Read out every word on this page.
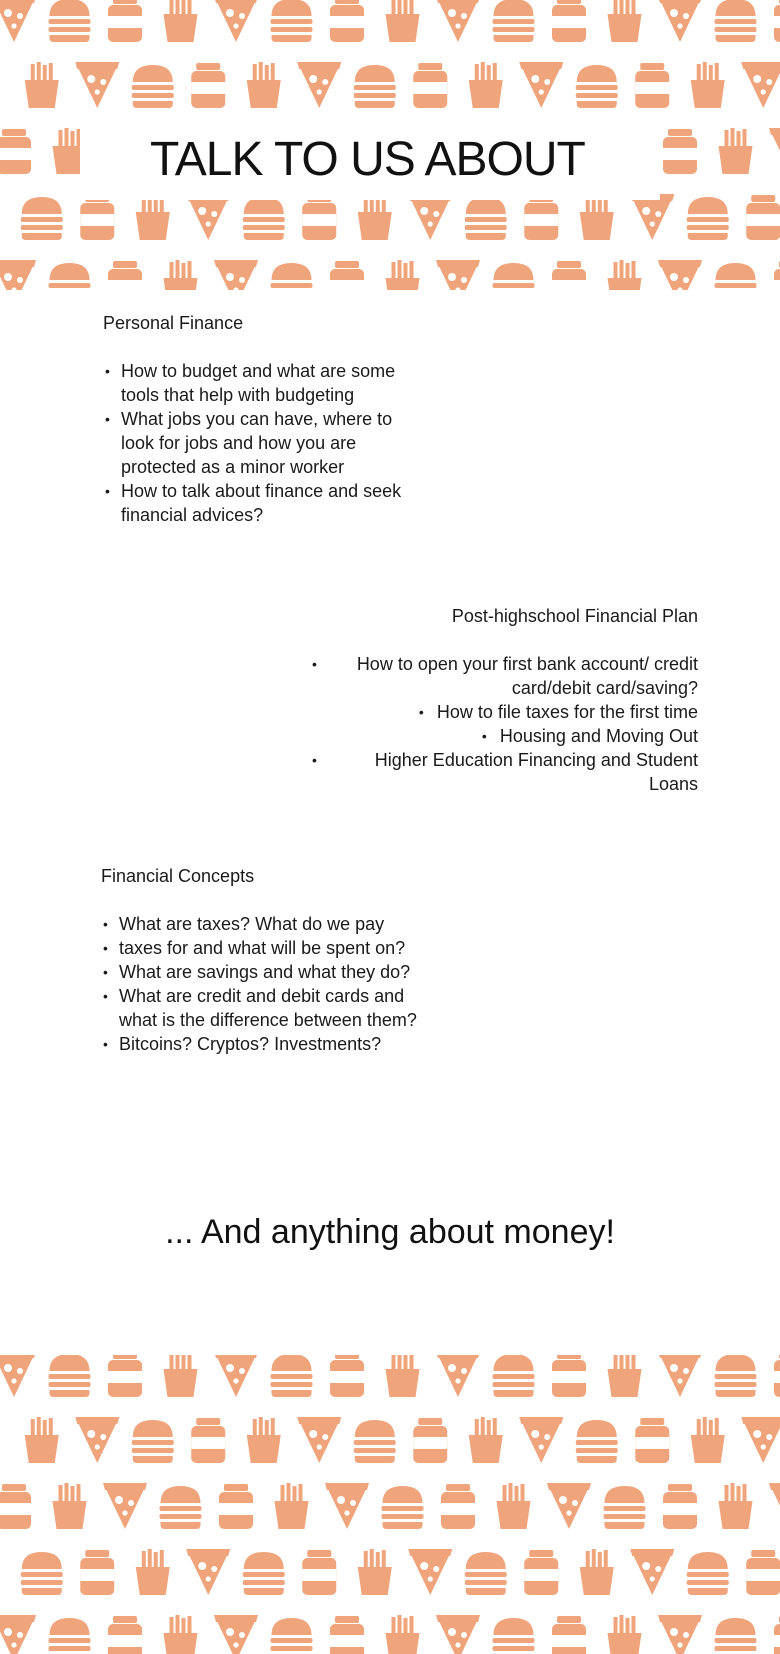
TALK TO US ABOUT
Personal Finance
• How to budget and what are some tools that help with budgeting
• What jobs you can have, where to look for jobs and how you are protected as a minor worker
• How to talk about finance and seek financial advices?
Post-highschool Financial Plan
• How to open your first bank account/ credit card/debit card/saving?
• How to file taxes for the first time
• Housing and Moving Out
• Higher Education Financing and Student Loans
Financial Concepts
• What are taxes? What do we pay
• taxes for and what will be spent on?
• What are savings and what they do?
• What are credit and debit cards and what is the difference between them?
• Bitcoins? Cryptos? Investments?

... And anything about money!
